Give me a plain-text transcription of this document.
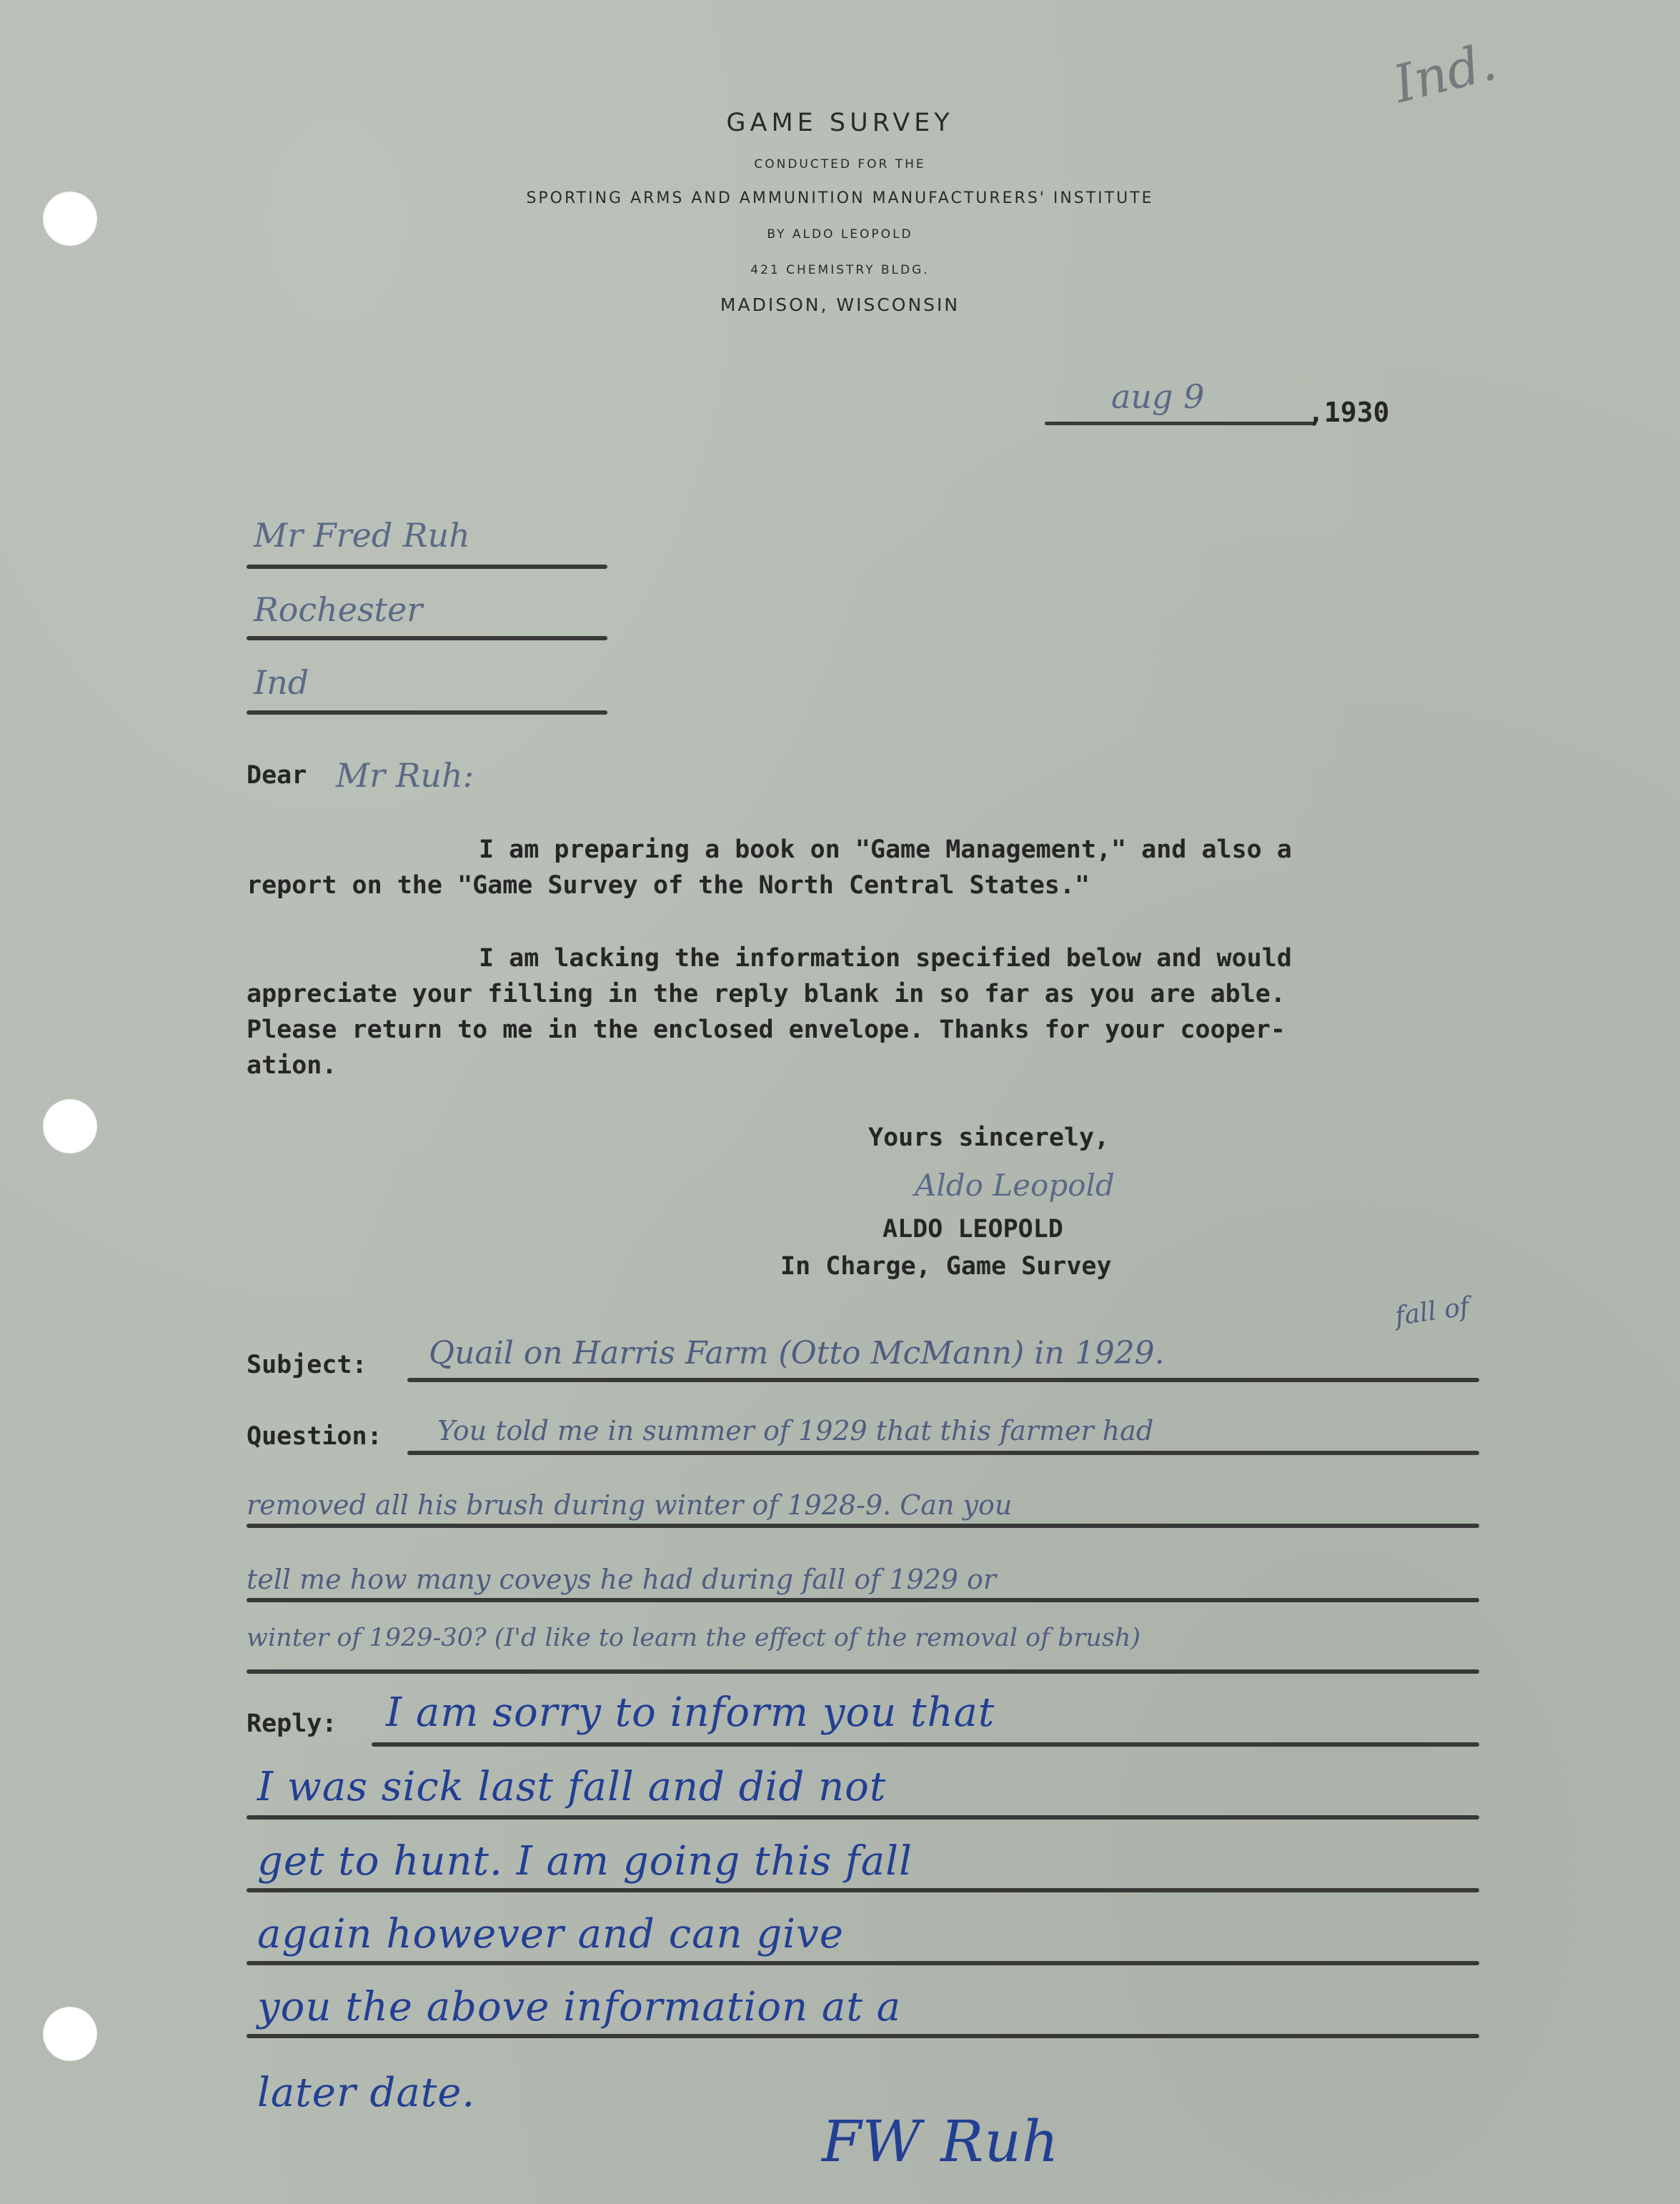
GAME SURVEY
CONDUCTED FOR THE
SPORTING ARMS AND AMMUNITION MANUFACTURERS' INSTITUTE
BY ALDO LEOPOLD
421 CHEMISTRY BLDG.
MADISON, WISCONSIN
Ind.
aug 9	,1930
Mr Fred Ruh
Rochester
Ind
Dear Mr Ruh:
I am preparing a book on "Game Management," and also a
report on the "Game Survey of the North Central States."
I am lacking the information specified below and would
appreciate your filling in the reply blank in so far as you are able.
Please return to me in the enclosed envelope. Thanks for your cooper-
ation.
Yours sincerely,
Aldo Leopold
ALDO LEOPOLD
In Charge, Game Survey
Subject: Quail on Harris Farm (Otto McMann) in 1929.
fall of
Question: You told me in summer of 1929 that this farmer had
removed all his brush during winter of 1928-9. Can you
tell me how many coveys he had during fall of 1929 or
winter of 1929-30? (I'd like to learn the effect of the removal of brush)
Reply: I am sorry to inform you that
I was sick last fall and did not
get to hunt. I am going this fall
again however and can give
you the above information at a
later date.
FW Ruh
